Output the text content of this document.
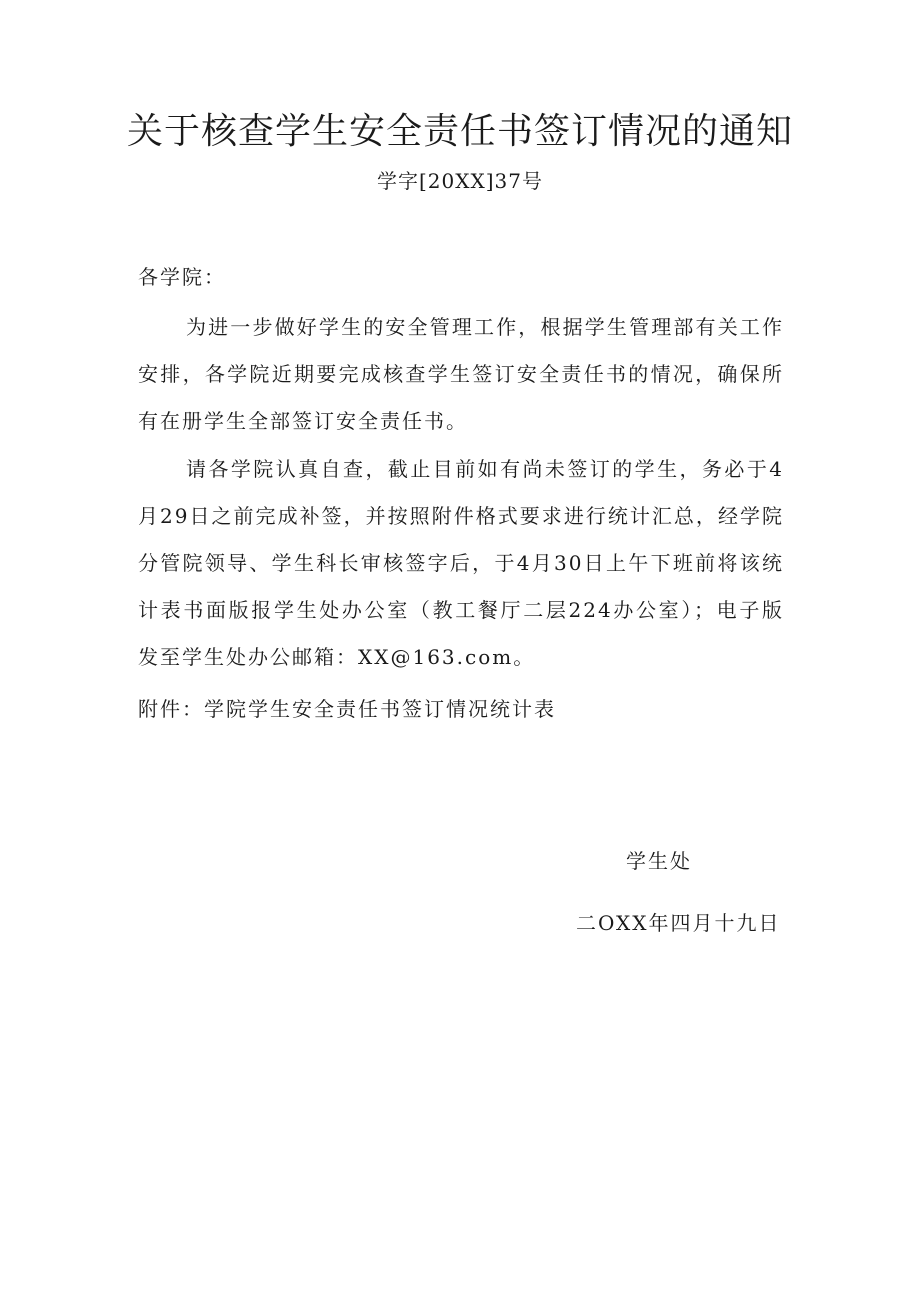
关于核查学生安全责任书签订情况的通知
学字[20XX]37号
各学院：
为进一步做好学生的安全管理工作，根据学生管理部有关工作安排，各学院近期要完成核查学生签订安全责任书的情况，确保所有在册学生全部签订安全责任书。
请各学院认真自查，截止目前如有尚未签订的学生，务必于4月29日之前完成补签，并按照附件格式要求进行统计汇总，经学院分管院领导、学生科长审核签字后，于4月30日上午下班前将该统计表书面版报学生处办公室（教工餐厅二层224办公室）；电子版发至学生处办公邮箱：XX@163.com。
附件：学院学生安全责任书签订情况统计表
学生处
二OXX年四月十九日
